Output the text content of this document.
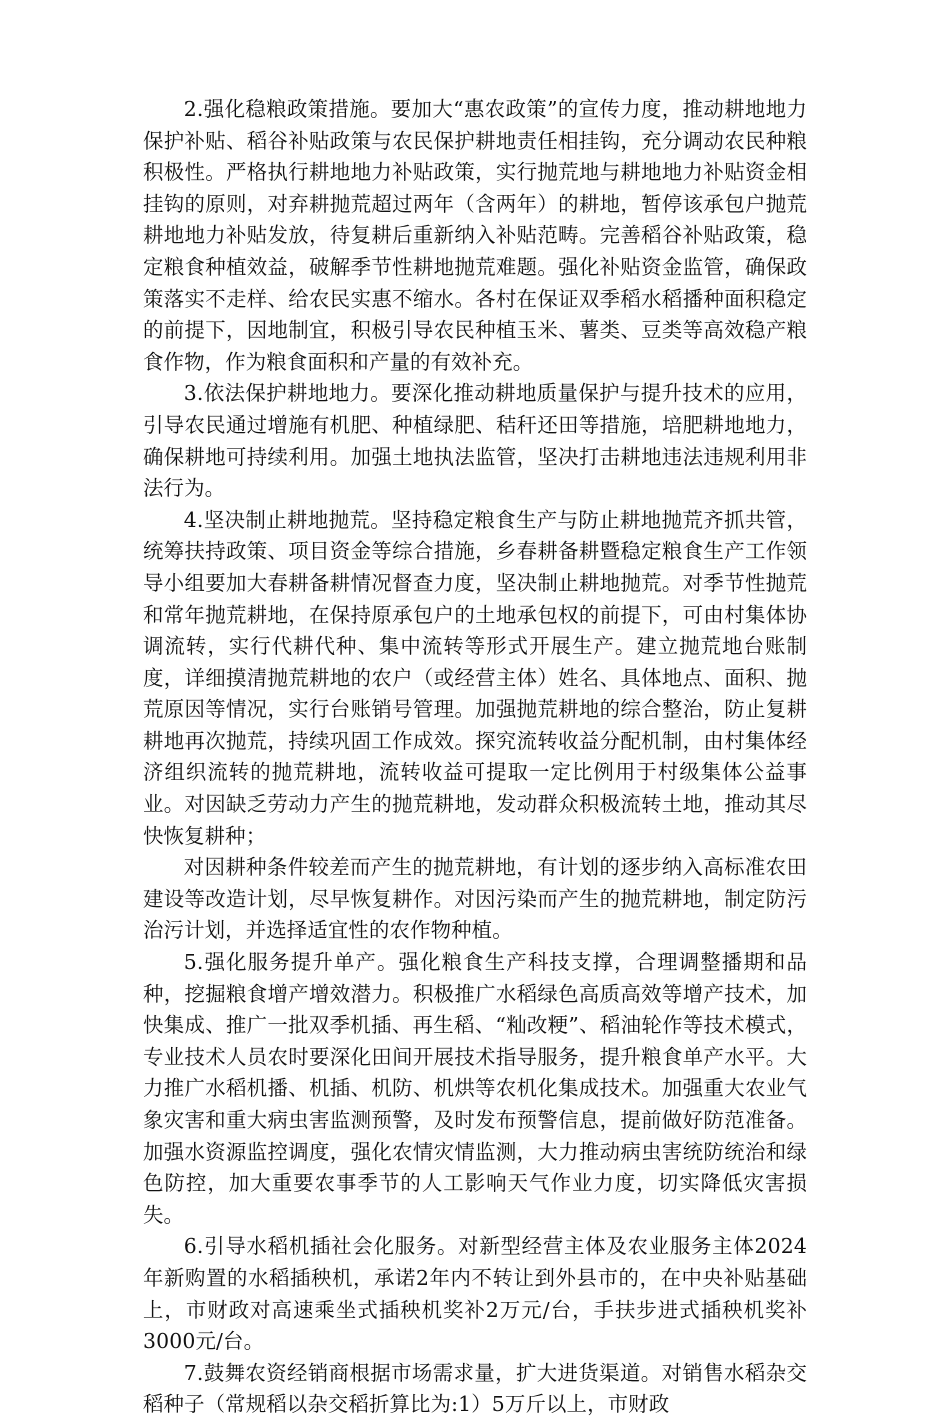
2.强化稳粮政策措施。要加大“惠农政策”的宣传力度，推动耕地地力保护补贴、稻谷补贴政策与农民保护耕地责任相挂钩，充分调动农民种粮积极性。严格执行耕地地力补贴政策，实行抛荒地与耕地地力补贴资金相挂钩的原则，对弃耕抛荒超过两年（含两年）的耕地，暂停该承包户抛荒耕地地力补贴发放，待复耕后重新纳入补贴范畴。完善稻谷补贴政策，稳定粮食种植效益，破解季节性耕地抛荒难题。强化补贴资金监管，确保政策落实不走样、给农民实惠不缩水。各村在保证双季稻水稻播种面积稳定的前提下，因地制宜，积极引导农民种植玉米、薯类、豆类等高效稳产粮食作物，作为粮食面积和产量的有效补充。

3.依法保护耕地地力。要深化推动耕地质量保护与提升技术的应用，引导农民通过增施有机肥、种植绿肥、秸秆还田等措施，培肥耕地地力，确保耕地可持续利用。加强土地执法监管，坚决打击耕地违法违规利用非法行为。

4.坚决制止耕地抛荒。坚持稳定粮食生产与防止耕地抛荒齐抓共管，统筹扶持政策、项目资金等综合措施，乡春耕备耕暨稳定粮食生产工作领导小组要加大春耕备耕情况督查力度，坚决制止耕地抛荒。对季节性抛荒和常年抛荒耕地，在保持原承包户的土地承包权的前提下，可由村集体协调流转，实行代耕代种、集中流转等形式开展生产。建立抛荒地台账制度，详细摸清抛荒耕地的农户（或经营主体）姓名、具体地点、面积、抛荒原因等情况，实行台账销号管理。加强抛荒耕地的综合整治，防止复耕耕地再次抛荒，持续巩固工作成效。探究流转收益分配机制，由村集体经济组织流转的抛荒耕地，流转收益可提取一定比例用于村级集体公益事业。对因缺乏劳动力产生的抛荒耕地，发动群众积极流转土地，推动其尽快恢复耕种；

对因耕种条件较差而产生的抛荒耕地，有计划的逐步纳入高标准农田建设等改造计划，尽早恢复耕作。对因污染而产生的抛荒耕地，制定防污治污计划，并选择适宜性的农作物种植。

5.强化服务提升单产。强化粮食生产科技支撑，合理调整播期和品种，挖掘粮食增产增效潜力。积极推广水稻绿色高质高效等增产技术，加快集成、推广一批双季机插、再生稻、“籼改粳”、稻油轮作等技术模式，专业技术人员农时要深化田间开展技术指导服务，提升粮食单产水平。大力推广水稻机播、机插、机防、机烘等农机化集成技术。加强重大农业气象灾害和重大病虫害监测预警，及时发布预警信息，提前做好防范准备。加强水资源监控调度，强化农情灾情监测，大力推动病虫害统防统治和绿色防控，加大重要农事季节的人工影响天气作业力度，切实降低灾害损失。

6.引导水稻机插社会化服务。对新型经营主体及农业服务主体2024年新购置的水稻插秧机，承诺2年内不转让到外县市的，在中央补贴基础上，市财政对高速乘坐式插秧机奖补2万元/台，手扶步进式插秧机奖补3000元/台。

7.鼓舞农资经销商根据市场需求量，扩大进货渠道。对销售水稻杂交稻种子（常规稻以杂交稻折算比为:1）5万斤以上，市财政
